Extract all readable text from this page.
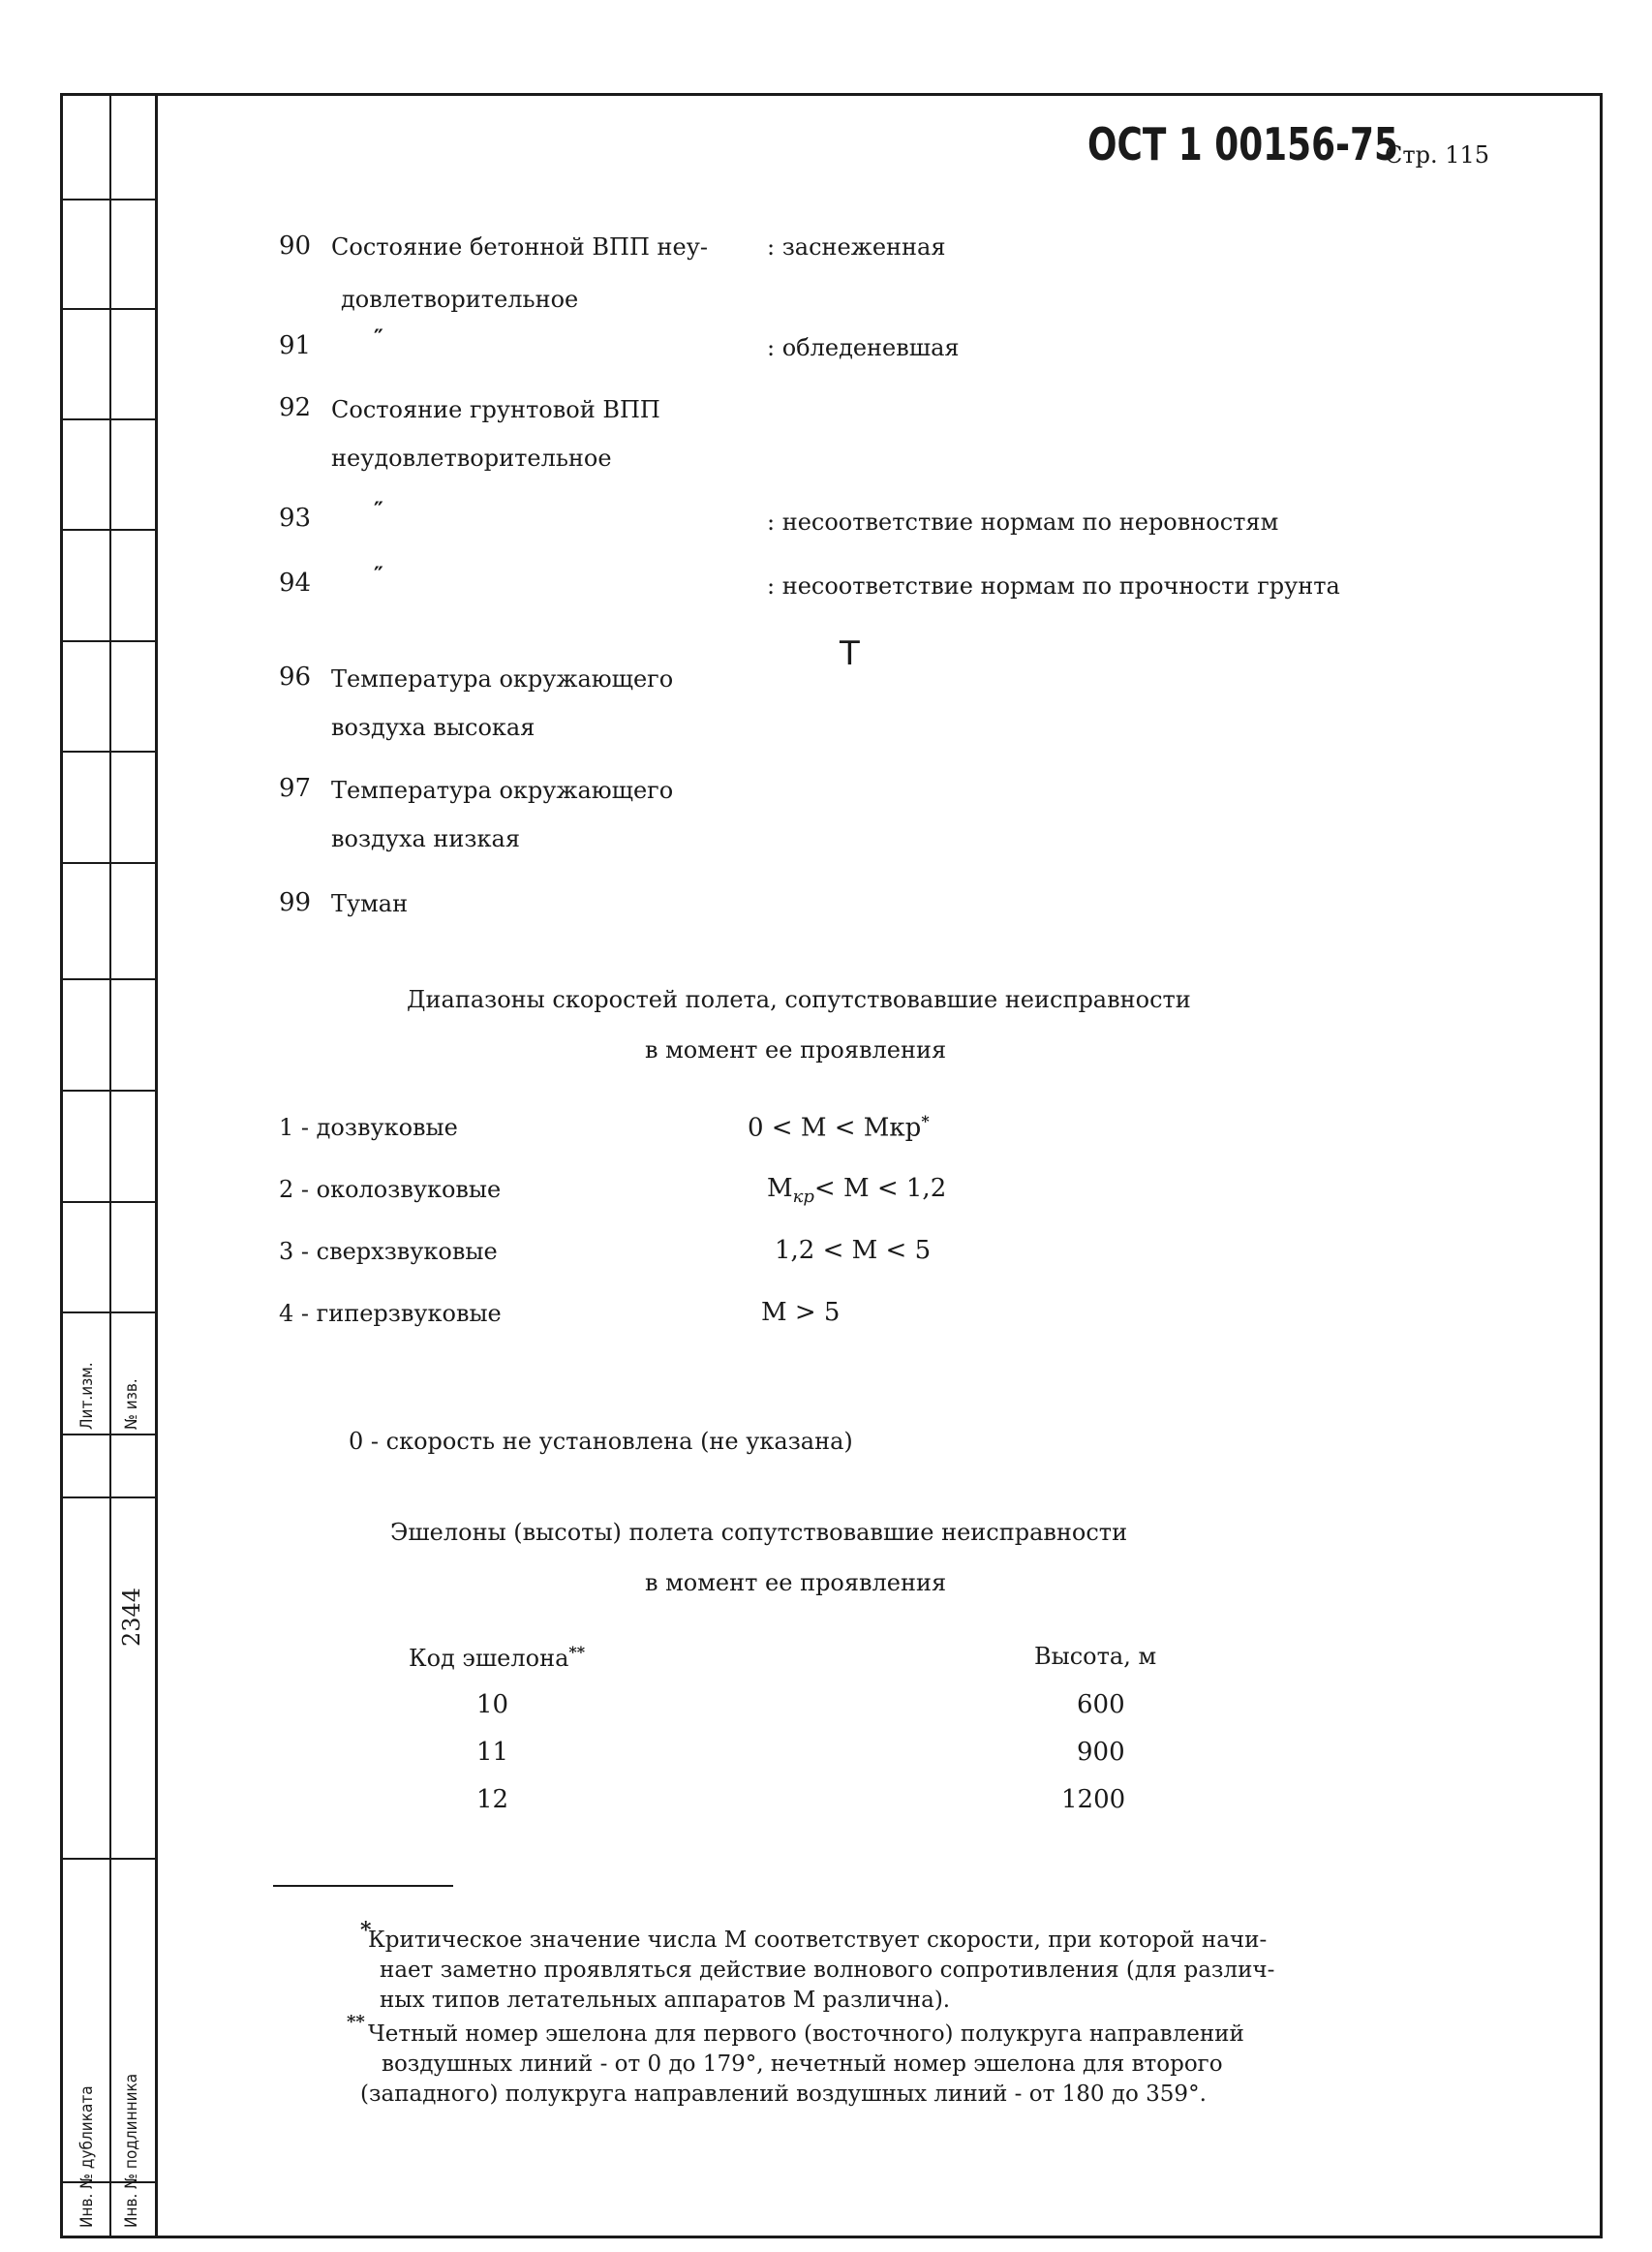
Лит.изм. № изв.
2344
Инв. № дубликата Инв. № подлинника
ОСТ 1 00156-75
Стр. 115
90 Состояние бетонной ВПП неу-	: заснеженная
довлетворительное
91	″	: обледеневшая
92 Состояние грунтовой ВПП
неудовлетворительное
93	″	: несоответствие нормам по неровностям
94	″	: несоответствие нормам по прочности грунта
Т
96 Температура окружающего
воздуха высокая
97 Температура окружающего
воздуха низкая
99 Туман
Диапазоны скоростей полета, сопутствовавшие неисправности
в момент ее проявления
1 - дозвуковые	0 < М < Мкр*
2 - околозвуковые	$М_{кр}< М < 1,2$
3 - сверхзвуковые	1,2 < М < 5
4 - гиперзвуковые	М > 5
0 - скорость не установлена (не указана)
Эшелоны (высоты) полета сопутствовавшие неисправности
в момент ее проявления
Код эшелона**	Высота, м
10	600
11	900
12	1200
*
Критическое значение числа М соответствует скорости, при которой начи-
нает заметно проявляться действие волнового сопротивления (для различ-
ных типов летательных аппаратов М различна).
** Четный номер эшелона для первого (восточного) полукруга направлений
воздушных линий - от 0 до 179°, нечетный номер эшелона для второго
(западного) полукруга направлений воздушных линий - от 180 до 359°.
